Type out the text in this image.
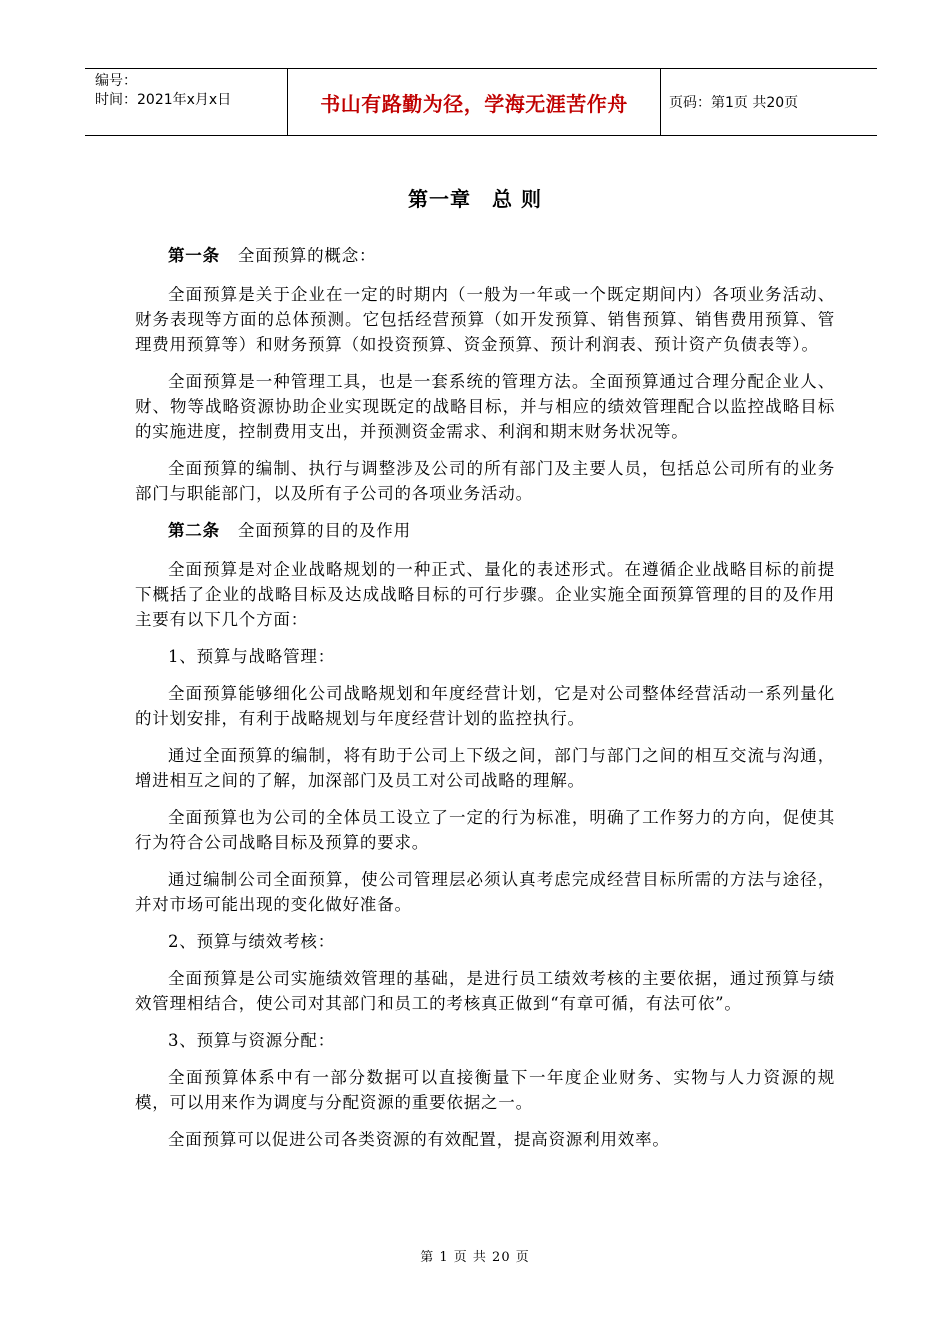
编号：
时间：2021年x月x日	书山有路勤为径，学海无涯苦作舟	页码：第1页 共20页
第一章　总 则

第一条 全面预算的概念：

全面预算是关于企业在一定的时期内（一般为一年或一个既定期间内）各项业务活动、财务表现等方面的总体预测。它包括经营预算（如开发预算、销售预算、销售费用预算、管理费用预算等）和财务预算（如投资预算、资金预算、预计利润表、预计资产负债表等）。

全面预算是一种管理工具，也是一套系统的管理方法。全面预算通过合理分配企业人、财、物等战略资源协助企业实现既定的战略目标，并与相应的绩效管理配合以监控战略目标的实施进度，控制费用支出，并预测资金需求、利润和期末财务状况等。

全面预算的编制、执行与调整涉及公司的所有部门及主要人员，包括总公司所有的业务部门与职能部门，以及所有子公司的各项业务活动。

第二条 全面预算的目的及作用

全面预算是对企业战略规划的一种正式、量化的表述形式。在遵循企业战略目标的前提下概括了企业的战略目标及达成战略目标的可行步骤。企业实施全面预算管理的目的及作用主要有以下几个方面：

1、预算与战略管理：

全面预算能够细化公司战略规划和年度经营计划，它是对公司整体经营活动一系列量化的计划安排，有利于战略规划与年度经营计划的监控执行。

通过全面预算的编制，将有助于公司上下级之间，部门与部门之间的相互交流与沟通，增进相互之间的了解，加深部门及员工对公司战略的理解。

全面预算也为公司的全体员工设立了一定的行为标准，明确了工作努力的方向，促使其行为符合公司战略目标及预算的要求。

通过编制公司全面预算，使公司管理层必须认真考虑完成经营目标所需的方法与途径，并对市场可能出现的变化做好准备。

2、预算与绩效考核：

全面预算是公司实施绩效管理的基础，是进行员工绩效考核的主要依据，通过预算与绩效管理相结合，使公司对其部门和员工的考核真正做到“有章可循，有法可依”。

3、预算与资源分配：

全面预算体系中有一部分数据可以直接衡量下一年度企业财务、实物与人力资源的规模，可以用来作为调度与分配资源的重要依据之一。

全面预算可以促进公司各类资源的有效配置，提高资源利用效率。

第 1 页 共 20 页
